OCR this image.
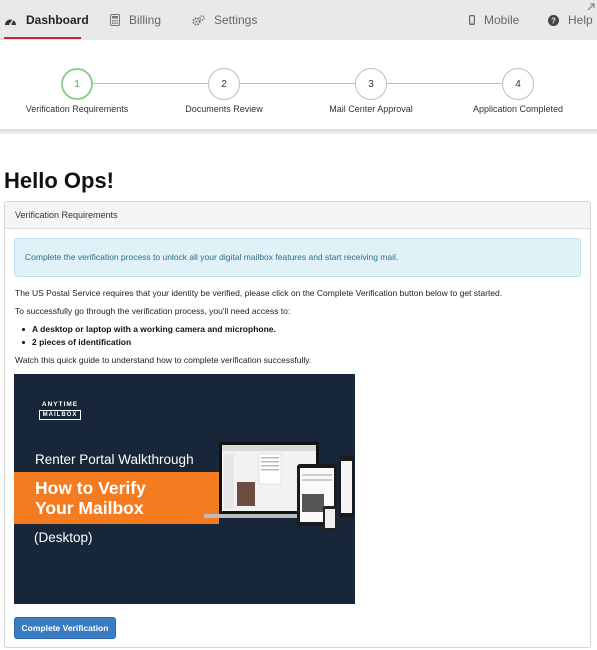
Dashboard	Billing	Settings	Mobile	? Help
1	2	3	4
Verification Requirements	Documents Review	Mail Center Approval	Application Completed
Hello Ops!
Verification Requirements
Complete the verification process to unlock all your digital mailbox features and start receiving mail.
The US Postal Service requires that your identity be verified, please click on the Complete Verification button below to get started.
To successfully go through the verification process, you'll need access to:
A desktop or laptop with a working camera and microphone.
2 pieces of identification
Watch this quick guide to understand how to complete verification successfully.
ANYTIME
MAILBOX
Renter Portal Walkthrough
How to Verify
Your Mailbox
(Desktop)
Complete Verification
